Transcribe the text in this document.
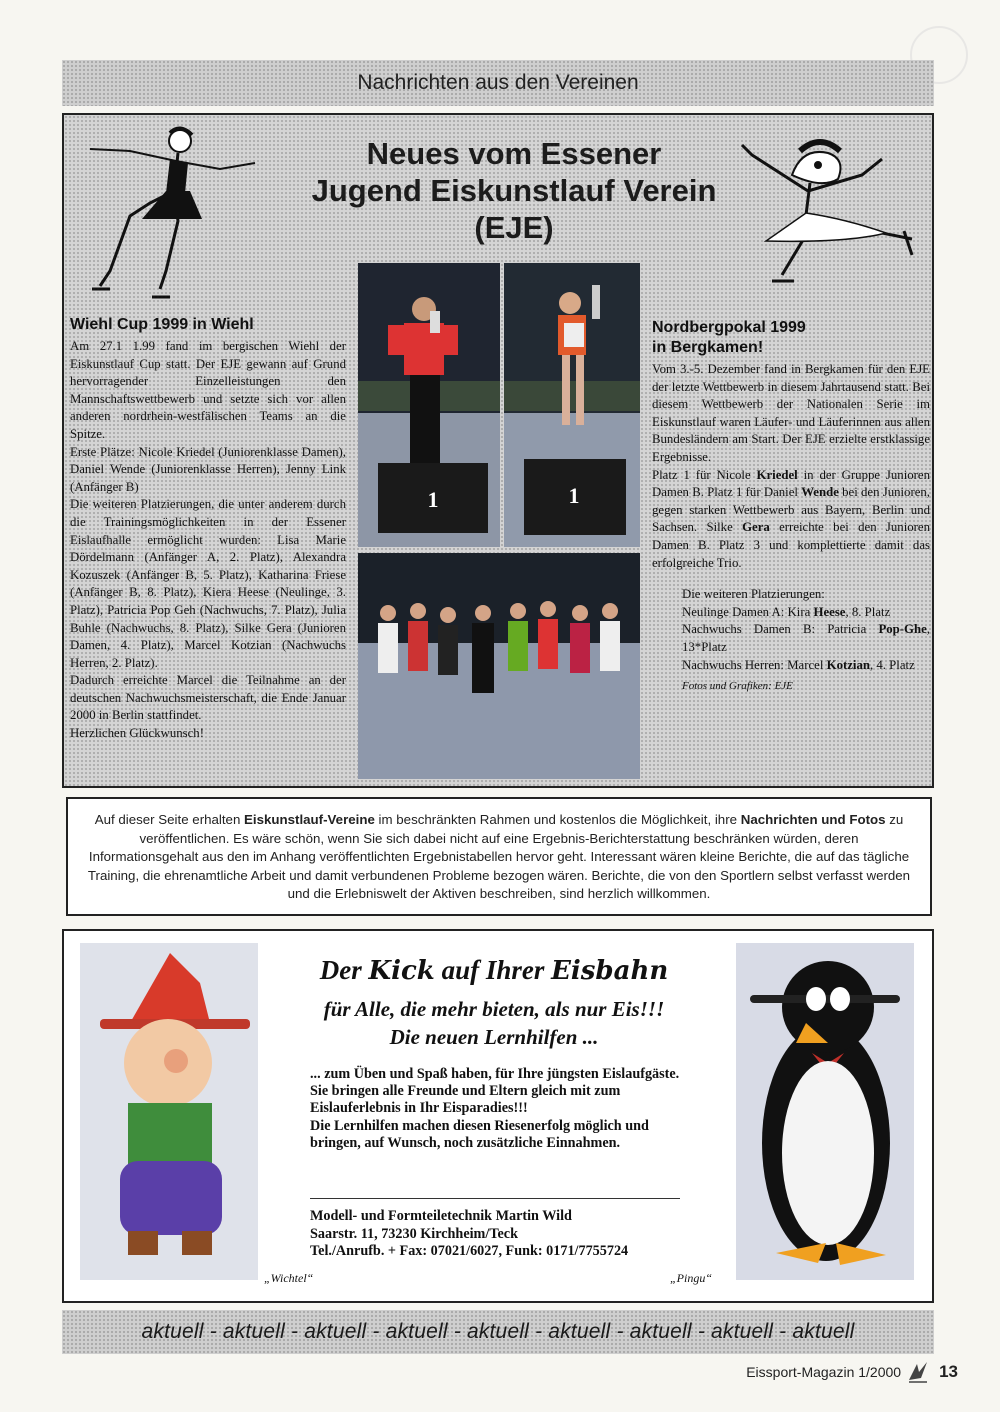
Nachrichten aus den Vereinen
Neues vom Essener
Jugend Eiskunstlauf Verein
(EJE)
Wiehl Cup 1999 in Wiehl

Am 27.1 1.99 fand im bergischen Wiehl der Eiskunstlauf Cup statt. Der EJE gewann auf Grund hervorragender Einzelleistungen den Mannschaftswettbewerb und setzte sich vor allen anderen nordrhein-westfälischen Teams an die Spitze.

Erste Plätze: Nicole Kriedel (Juniorenklasse Damen), Daniel Wende (Juniorenklasse Herren), Jenny Link (Anfänger B)

Die weiteren Platzierungen, die unter anderem durch die Trainingsmöglichkeiten in der Essener Eislaufhalle ermöglicht wurden: Lisa Marie Dördelmann (Anfänger A, 2. Platz), Alexandra Kozuszek (Anfänger B, 5. Platz), Katharina Friese (Anfänger B, 8. Platz), Kiera Heese (Neulinge, 3. Platz), Patricia Pop Geh (Nachwuchs, 7. Platz), Julia Buhle (Nachwuchs, 8. Platz), Silke Gera (Junioren Damen, 4. Platz), Marcel Kotzian (Nachwuchs Herren, 2. Platz).

Dadurch erreichte Marcel die Teilnahme an der deutschen Nachwuchsmeisterschaft, die Ende Januar 2000 in Berlin stattfindet.

Herzlichen Glückwunsch!

1	1
Nordbergpokal 1999
in Bergkamen!

Vom 3.-5. Dezember fand in Bergkamen für den EJE der letzte Wettbewerb in diesem Jahrtausend statt. Bei diesem Wettbewerb der Nationalen Serie im Eiskunstlauf waren Läufer- und Läuferinnen aus allen Bundesländern am Start. Der EJE erzielte erstklassige Ergebnisse.

Platz 1 für Nicole Kriedel in der Gruppe Junioren Damen B. Platz 1 für Daniel Wende bei den Junioren, gegen starken Wettbewerb aus Bayern, Berlin und Sachsen. Silke Gera erreichte bei den Junioren Damen B. Platz 3 und komplettierte damit das erfolgreiche Trio.

Die weiteren Platzierungen:

Neulinge Damen A: Kira Heese, 8. Platz

Nachwuchs Damen B: Patricia Pop-Ghe, 13*Platz

Nachwuchs Herren: Marcel Kotzian, 4. Platz

Fotos und Grafiken: EJE

Auf dieser Seite erhalten Eiskunstlauf-Vereine im beschränkten Rahmen und kostenlos die Möglichkeit, ihre Nachrichten und Fotos zu veröffentlichen. Es wäre schön, wenn Sie sich dabei nicht auf eine Ergebnis-Berichterstattung beschränken würden, deren Informationsgehalt aus den im Anhang veröffentlichten Ergebnistabellen hervor geht. Interessant wären kleine Berichte, die auf das tägliche Training, die ehrenamtliche Arbeit und damit verbundenen Probleme bezogen wären. Berichte, die von den Sportlern selbst verfasst werden und die Erlebniswelt der Aktiven beschreiben, sind herzlich willkommen.
„Wichtel“
Der Kick auf Ihrer Eisbahn
für Alle, die mehr bieten, als nur Eis!!!
Die neuen Lernhilfen ...
... zum Üben und Spaß haben, für Ihre jüngsten Eislaufgäste.
Sie bringen alle Freunde und Eltern gleich mit zum Eislauferlebnis in Ihr Eisparadies!!!
Die Lernhilfen machen diesen Riesenerfolg möglich und bringen, auf Wunsch, noch zusätzliche Einnahmen.
Modell- und Formteiletechnik Martin Wild
Saarstr. 11, 73230 Kirchheim/Teck
Tel./Anrufb. + Fax: 07021/6027, Funk: 0171/7755724
„Pingu“
aktuell - aktuell - aktuell - aktuell - aktuell - aktuell - aktuell - aktuell - aktuell
Eissport-Magazin 1/2000 13
